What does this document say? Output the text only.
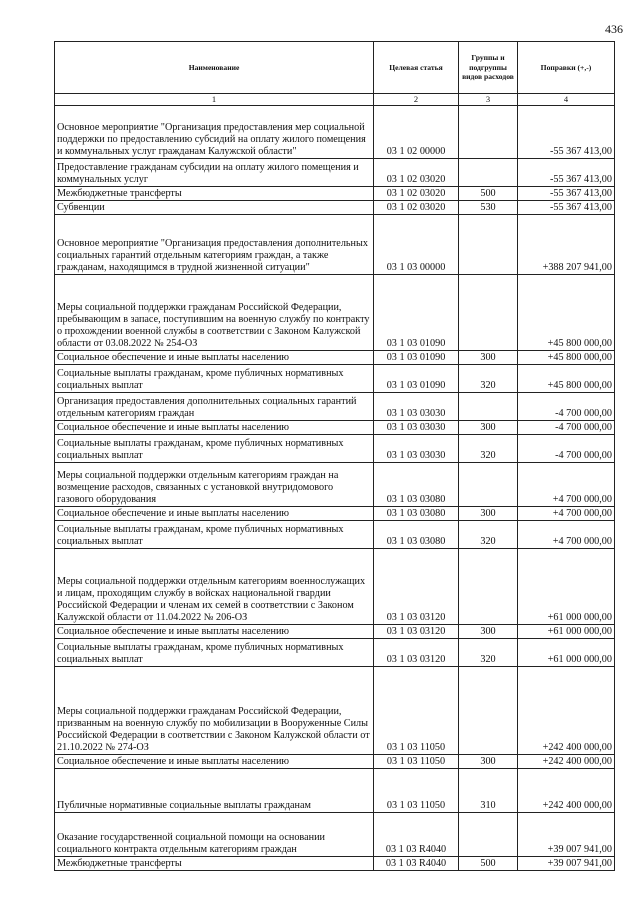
436
Наименование	Целевая статья	Группы и подгруппы видов расходов	Поправки (+,-)
1	2	3	4
Основное мероприятие "Организация предоставления мер социальной поддержки по предоставлению субсидий на оплату жилого помещения и коммунальных услуг гражданам Калужской области"	03 1 02 00000		-55 367 413,00
Предоставление гражданам субсидии на оплату жилого помещения и коммунальных услуг	03 1 02 03020		-55 367 413,00
Межбюджетные трансферты	03 1 02 03020	500	-55 367 413,00
Субвенции	03 1 02 03020	530	-55 367 413,00
Основное мероприятие "Организация предоставления дополнительных социальных гарантий отдельным категориям граждан, а также гражданам, находящимся в трудной жизненной ситуации"	03 1 03 00000		+388 207 941,00
Меры социальной поддержки гражданам Российской Федерации, пребывающим в запасе, поступившим на военную службу по контракту о прохождении военной службы в соответствии с Законом Калужской области от 03.08.2022 № 254-ОЗ	03 1 03 01090		+45 800 000,00
Социальное обеспечение и иные выплаты населению	03 1 03 01090	300	+45 800 000,00
Социальные выплаты гражданам, кроме публичных нормативных социальных выплат	03 1 03 01090	320	+45 800 000,00
Организация предоставления дополнительных социальных гарантий отдельным категориям граждан	03 1 03 03030		-4 700 000,00
Социальное обеспечение и иные выплаты населению	03 1 03 03030	300	-4 700 000,00
Социальные выплаты гражданам, кроме публичных нормативных социальных выплат	03 1 03 03030	320	-4 700 000,00
Меры социальной поддержки отдельным категориям граждан на возмещение расходов, связанных с установкой внутридомового газового оборудования	03 1 03 03080		+4 700 000,00
Социальное обеспечение и иные выплаты населению	03 1 03 03080	300	+4 700 000,00
Социальные выплаты гражданам, кроме публичных нормативных социальных выплат	03 1 03 03080	320	+4 700 000,00
Меры социальной поддержки отдельным категориям военнослужащих и лицам, проходящим службу в войсках национальной гвардии Российской Федерации и членам их семей в соответствии с Законом Калужской области от 11.04.2022 № 206-ОЗ	03 1 03 03120		+61 000 000,00
Социальное обеспечение и иные выплаты населению	03 1 03 03120	300	+61 000 000,00
Социальные выплаты гражданам, кроме публичных нормативных социальных выплат	03 1 03 03120	320	+61 000 000,00
Меры социальной поддержки гражданам Российской Федерации, призванным на военную службу по мобилизации в Вооруженные Силы Российской Федерации в соответствии с Законом Калужской области от 21.10.2022 № 274-ОЗ	03 1 03 11050		+242 400 000,00
Социальное обеспечение и иные выплаты населению	03 1 03 11050	300	+242 400 000,00
Публичные нормативные социальные выплаты гражданам	03 1 03 11050	310	+242 400 000,00
Оказание государственной социальной помощи на основании социального контракта отдельным категориям граждан	03 1 03 R4040		+39 007 941,00
Межбюджетные трансферты	03 1 03 R4040	500	+39 007 941,00
